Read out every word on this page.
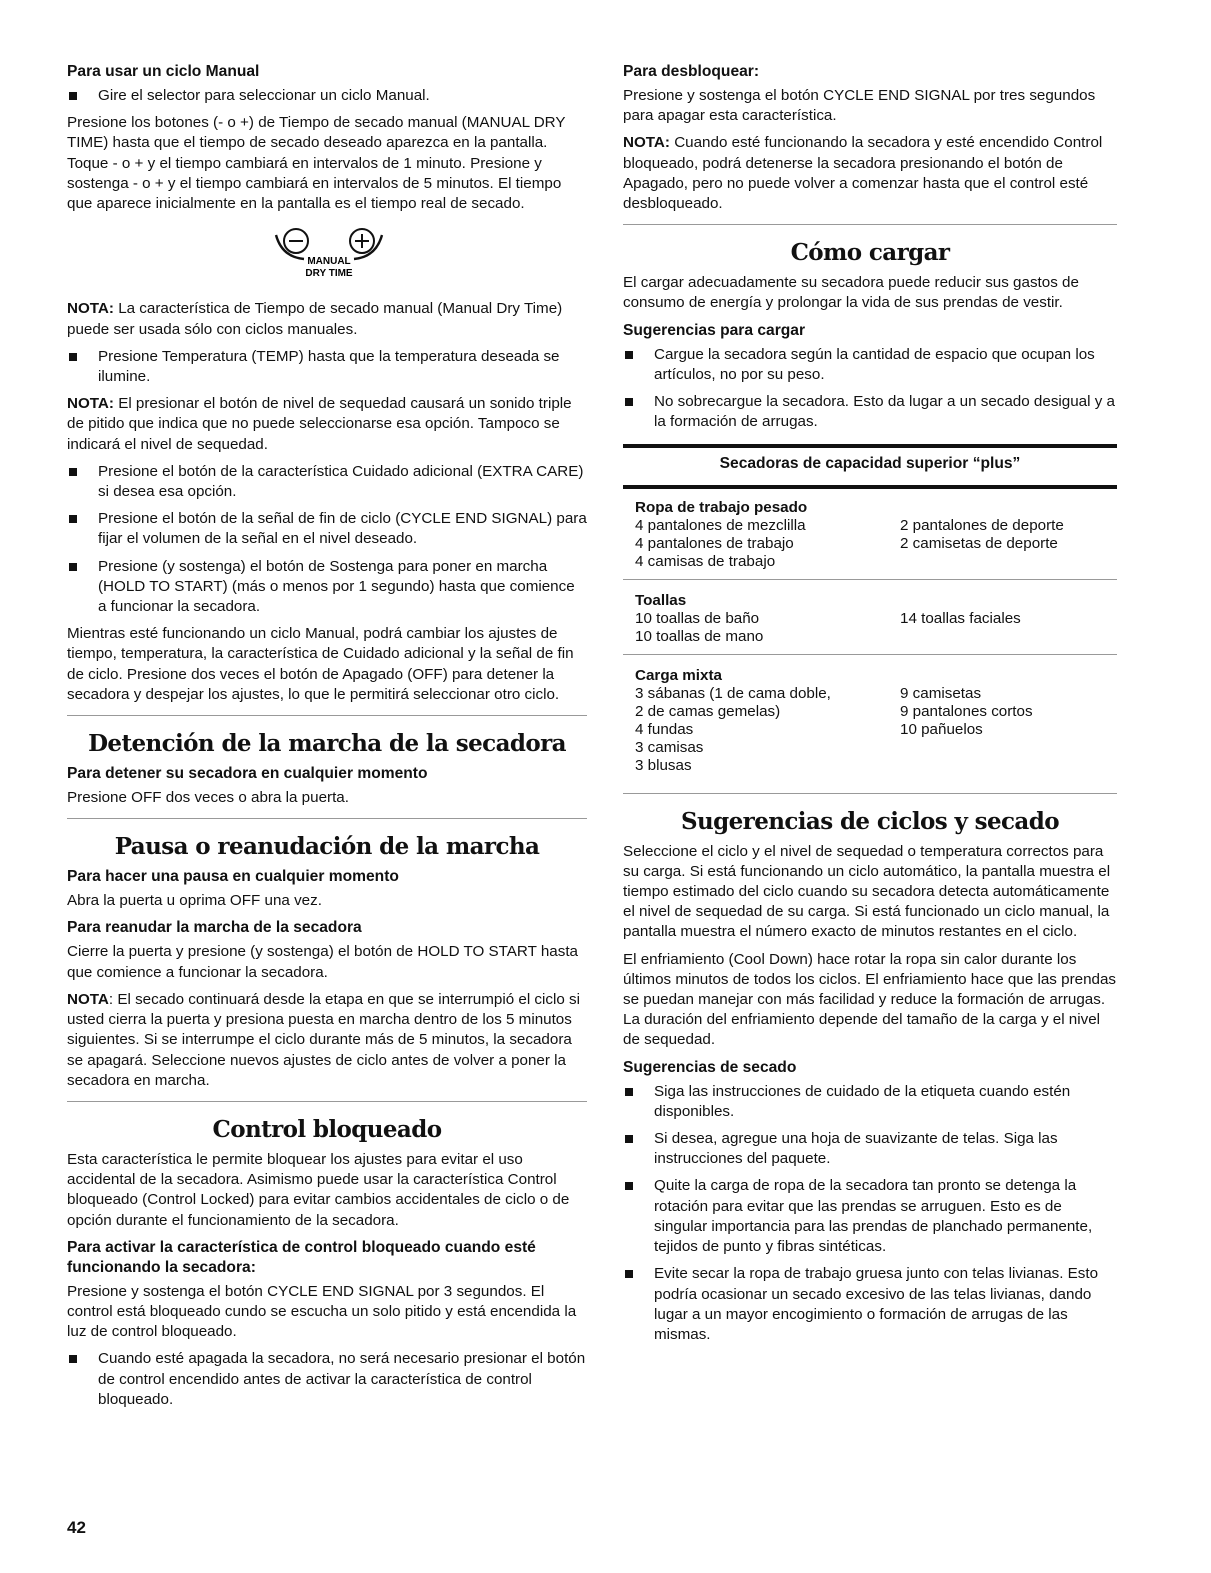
Para usar un ciclo Manual
Gire el selector para seleccionar un ciclo Manual.

Presione los botones (- o +) de Tiempo de secado manual (MANUAL DRY TIME) hasta que el tiempo de secado deseado aparezca en la pantalla. Toque - o + y el tiempo cambiará en intervalos de 1 minuto. Presione y sostenga - o + y el tiempo cambiará en intervalos de 5 minutos. El tiempo que aparece inicialmente en la pantalla es el tiempo real de secado.

MANUAL
DRY TIME

NOTA: La característica de Tiempo de secado manual (Manual Dry Time) puede ser usada sólo con ciclos manuales.

Presione Temperatura (TEMP) hasta que la temperatura deseada se ilumine.

NOTA: El presionar el botón de nivel de sequedad causará un sonido triple de pitido que indica que no puede seleccionarse esa opción. Tampoco se indicará el nivel de sequedad.

Presione el botón de la característica Cuidado adicional (EXTRA CARE) si desea esa opción.
Presione el botón de la señal de fin de ciclo (CYCLE END SIGNAL) para fijar el volumen de la señal en el nivel deseado.
Presione (y sostenga) el botón de Sostenga para poner en marcha (HOLD TO START) (más o menos por 1 segundo) hasta que comience a funcionar la secadora.

Mientras esté funcionando un ciclo Manual, podrá cambiar los ajustes de tiempo, temperatura, la característica de Cuidado adicional y la señal de fin de ciclo. Presione dos veces el botón de Apagado (OFF) para detener la secadora y despejar los ajustes, lo que le permitirá seleccionar otro ciclo.

Detención de la marcha de la secadora
Para detener su secadora en cualquier momento

Presione OFF dos veces o abra la puerta.

Pausa o reanudación de la marcha
Para hacer una pausa en cualquier momento

Abra la puerta u oprima OFF una vez.

Para reanudar la marcha de la secadora

Cierre la puerta y presione (y sostenga) el botón de HOLD TO START hasta que comience a funcionar la secadora.

NOTA: El secado continuará desde la etapa en que se interrumpió el ciclo si usted cierra la puerta y presiona puesta en marcha dentro de los 5 minutos siguientes. Si se interrumpe el ciclo durante más de 5 minutos, la secadora se apagará. Seleccione nuevos ajustes de ciclo antes de volver a poner la secadora en marcha.

Control bloqueado

Esta característica le permite bloquear los ajustes para evitar el uso accidental de la secadora. Asimismo puede usar la característica Control bloqueado (Control Locked) para evitar cambios accidentales de ciclo o de opción durante el funcionamiento de la secadora.

Para activar la característica de control bloqueado cuando esté funcionando la secadora:

Presione y sostenga el botón CYCLE END SIGNAL por 3 segundos. El control está bloqueado cundo se escucha un solo pitido y está encendida la luz de control bloqueado.

Cuando esté apagada la secadora, no será necesario presionar el botón de control encendido antes de activar la característica de control bloqueado.
Para desbloquear:

Presione y sostenga el botón CYCLE END SIGNAL por tres segundos para apagar esta característica.

NOTA: Cuando esté funcionando la secadora y esté encendido Control bloqueado, podrá detenerse la secadora presionando el botón de Apagado, pero no puede volver a comenzar hasta que el control esté desbloqueado.

Cómo cargar

El cargar adecuadamente su secadora puede reducir sus gastos de consumo de energía y prolongar la vida de sus prendas de vestir.

Sugerencias para cargar
Cargue la secadora según la cantidad de espacio que ocupan los artículos, no por su peso.
No sobrecargue la secadora. Esto da lugar a un secado desigual y a la formación de arrugas.
Secadoras de capacidad superior “plus”
Ropa de trabajo pesado
4 pantalones de mezclilla
4 pantalones de trabajo
4 camisas de trabajo
2 pantalones de deporte
2 camisetas de deporte
Toallas
10 toallas de baño
10 toallas de mano
14 toallas faciales
Carga mixta
3 sábanas (1 de cama doble,
2 de camas gemelas)
4 fundas
3 camisas
3 blusas
9 camisetas
9 pantalones cortos
10 pañuelos
Sugerencias de ciclos y secado

Seleccione el ciclo y el nivel de sequedad o temperatura correctos para su carga. Si está funcionando un ciclo automático, la pantalla muestra el tiempo estimado del ciclo cuando su secadora detecta automáticamente el nivel de sequedad de su carga. Si está funcionado un ciclo manual, la pantalla muestra el número exacto de minutos restantes en el ciclo.

El enfriamiento (Cool Down) hace rotar la ropa sin calor durante los últimos minutos de todos los ciclos. El enfriamiento hace que las prendas se puedan manejar con más facilidad y reduce la formación de arrugas. La duración del enfriamiento depende del tamaño de la carga y el nivel de sequedad.

Sugerencias de secado
Siga las instrucciones de cuidado de la etiqueta cuando estén disponibles.
Si desea, agregue una hoja de suavizante de telas. Siga las instrucciones del paquete.
Quite la carga de ropa de la secadora tan pronto se detenga la rotación para evitar que las prendas se arruguen. Esto es de singular importancia para las prendas de planchado permanente, tejidos de punto y fibras sintéticas.
Evite secar la ropa de trabajo gruesa junto con telas livianas. Esto podría ocasionar un secado excesivo de las telas livianas, dando lugar a un mayor encogimiento o formación de arrugas de las mismas.
42
